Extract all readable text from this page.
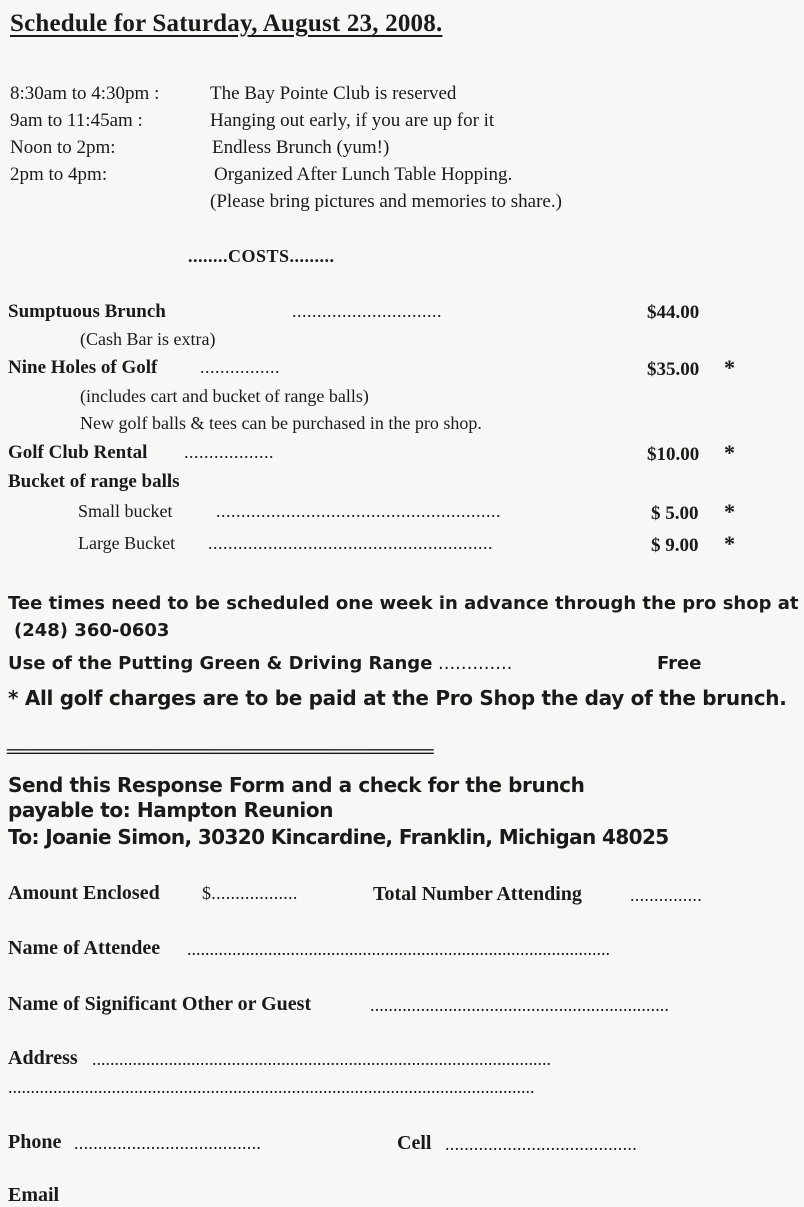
Schedule for Saturday, August 23, 2008.
8:30am to 4:30pm :	The Bay Pointe Club is reserved
9am to 11:45am :	Hanging out early, if you are up for it
Noon to 2pm:	Endless Brunch (yum!)
2pm to 4pm:	Organized After Lunch Table Hopping.
(Please bring pictures and memories to share.)
........COSTS.........
Sumptuous Brunch	..............................	$44.00
(Cash Bar is extra)
Nine Holes of Golf ................	$35.00 *
(includes cart and bucket of range balls)
New golf balls & tees can be purchased in the pro shop.
Golf Club Rental ..................	$10.00 *
Bucket of range balls
Small bucket .........................................................	$ 5.00 *
Large Bucket .........................................................	$ 9.00 *
Tee times need to be scheduled one week in advance through the pro shop at
(248) 360-0603
Use of the Putting Green & Driving Range .............	Free
* All golf charges are to be paid at the Pro Shop the day of the brunch.
==================================================
Send this Response Form and a check for the brunch
payable to: Hampton Reunion
To: Joanie Simon, 30320 Kincardine, Franklin, Michigan 48025
Amount Enclosed $..................	Total Number Attending	...............
Name of Attendee ..............................................................................................
Name of Significant Other or Guest	.................................................................
Address ......................................................................................................
.....................................................................................................................
Phone .......................................	Cell ........................................
Email
